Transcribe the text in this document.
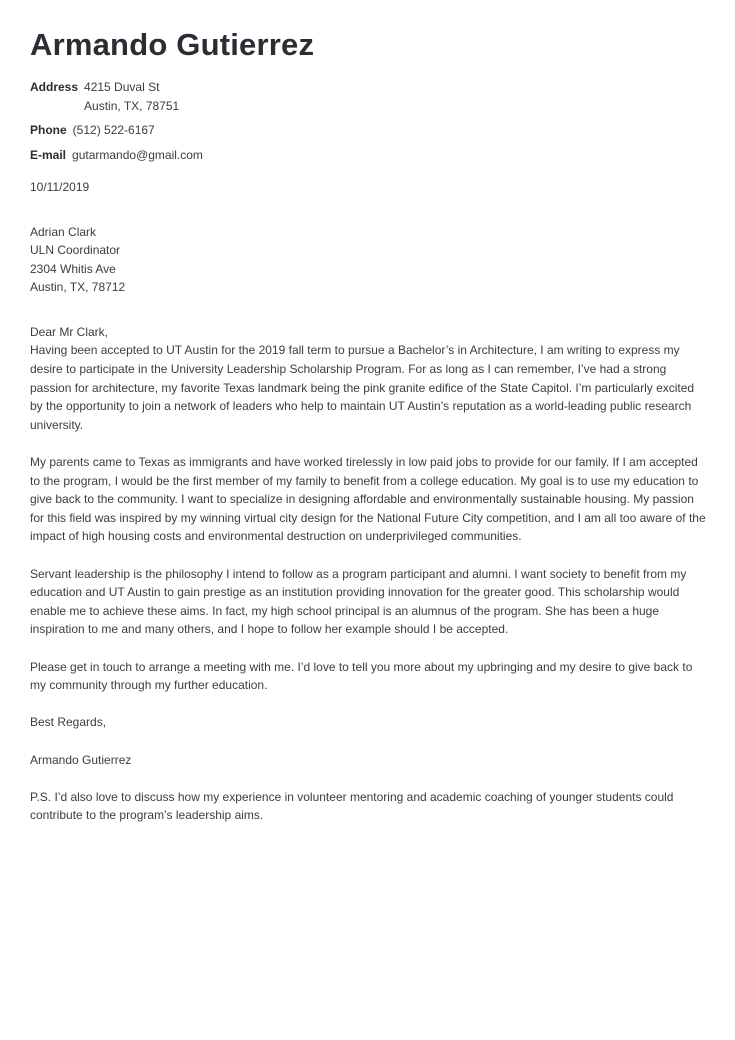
Armando Gutierrez
Address 4215 Duval St
Austin, TX, 78751
Phone (512) 522-6167
E-mail gutarmando@gmail.com
10/11/2019
Adrian Clark
ULN Coordinator
2304 Whitis Ave
Austin, TX, 78712

Dear Mr Clark,

Having been accepted to UT Austin for the 2019 fall term to pursue a Bachelor’s in Architecture, I am writing to express my desire to participate in the University Leadership Scholarship Program. For as long as I can remember, I’ve had a strong passion for architecture, my favorite Texas landmark being the pink granite edifice of the State Capitol. I’m particularly excited by the opportunity to join a network of leaders who help to maintain UT Austin’s reputation as a world-leading public research university.

My parents came to Texas as immigrants and have worked tirelessly in low paid jobs to provide for our family. If I am accepted to the program, I would be the first member of my family to benefit from a college education. My goal is to use my education to give back to the community. I want to specialize in designing affordable and environmentally sustainable housing. My passion for this field was inspired by my winning virtual city design for the National Future City competition, and I am all too aware of the impact of high housing costs and environmental destruction on underprivileged communities.

Servant leadership is the philosophy I intend to follow as a program participant and alumni. I want society to benefit from my education and UT Austin to gain prestige as an institution providing innovation for the greater good. This scholarship would enable me to achieve these aims. In fact, my high school principal is an alumnus of the program. She has been a huge inspiration to me and many others, and I hope to follow her example should I be accepted.

Please get in touch to arrange a meeting with me. I’d love to tell you more about my upbringing and my desire to give back to my community through my further education.

Best Regards,

Armando Gutierrez

P.S. I’d also love to discuss how my experience in volunteer mentoring and academic coaching of younger students could contribute to the program’s leadership aims.
